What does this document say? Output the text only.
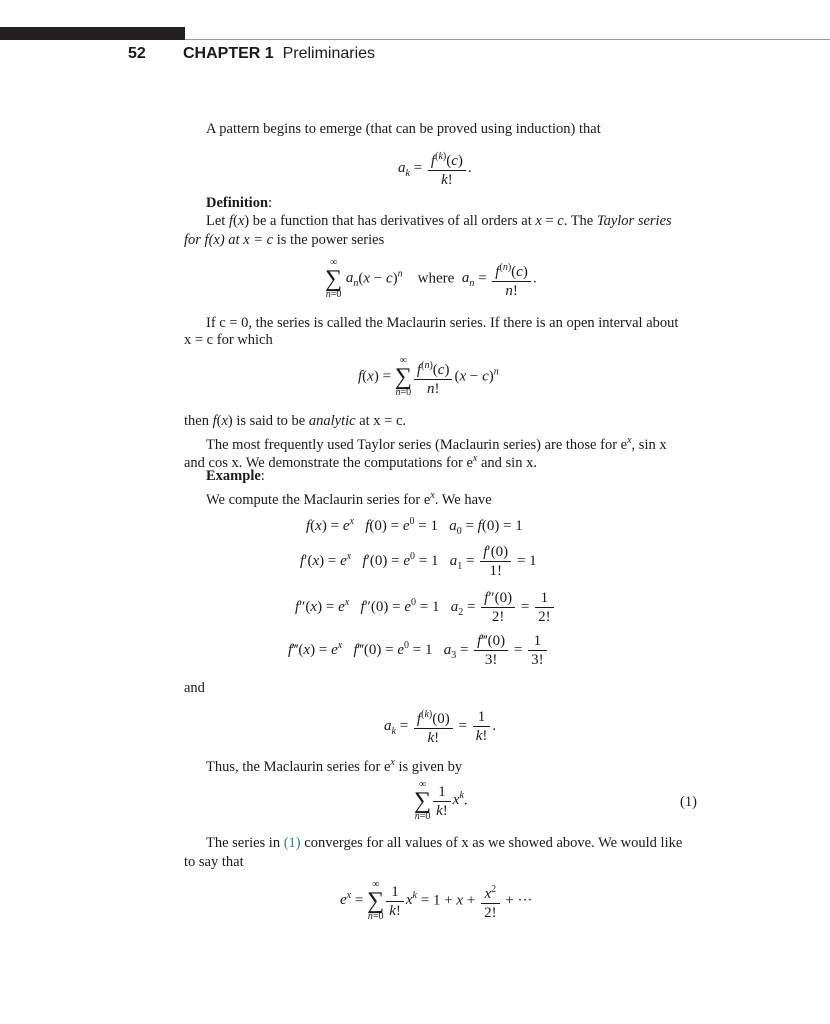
52 CHAPTER 1 Preliminaries
A pattern begins to emerge (that can be proved using induction) that
$a_k = \frac{f^{(k)}(c)}{k!}$ .
Definition:
Let f(x) be a function that has derivatives of all orders at x = c. The Taylor series
for f(x) at x = c is the power series
∞
∑
n=0
$a_n(x - c)^n$ where $a_n = \frac{f^{(n)}(c)}{n!}$ .
If c = 0, the series is called the Maclaurin series. If there is an open interval about
x = c for which
f(x) =
∞
∑
$n=0 \frac{f^{(n)}(c)}{n!} (x - c)^n$
then f(x) is said to be analytic at x = c.
The most frequently used Taylor series (Maclaurin series) are those for $e^x$, sin x
and cos x. We demonstrate the computations for $e^x$ and sin x.
Example:
We compute the Maclaurin series for $e^x$. We have
$f(x) = e^x$ $f(0) = e^0 = 1$   $a_0 = f(0) = 1$
$f'(x) = e^x$ $f'(0) = e^0 = 1$   $a_1 = \frac{f'(0)}{1!} = 1$
$f''(x) = e^x$ $f''(0) = e^0 = 1$   $a_2 = \frac{f''(0)}{2!} = \frac{1}{2!}$
f‴(x) = $e^x$ f‴(0) = $e^0 = 1$   $a_3 = \frac{f‴(0)}{3!} = \frac{1}{3!}$
and
$a_k = \frac{f^{(k)}(0)}{k!} = \frac{1}{k!}$ .
Thus, the Maclaurin series for $e^x$ is given by
∞
∑
$n=0 \frac{1}{k!} x^k$.	(1)
The series in (1) converges for all values of x as we showed above. We would like
to say that
$e^x$ =
∞
∑
$n=0 \frac{1}{k!} x^k = 1 + x + \frac{x^2}{2!}$ + ···
